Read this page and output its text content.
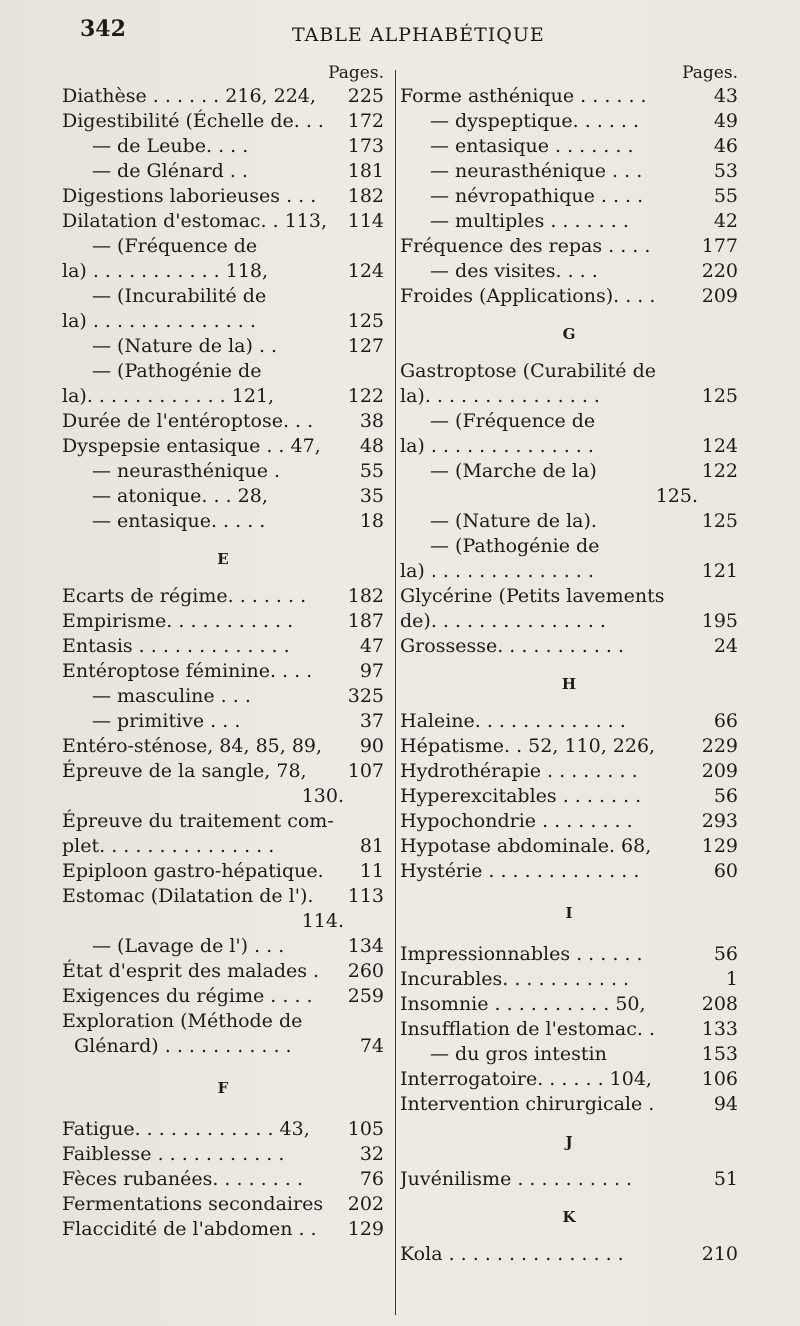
342	TABLE ALPHABÉTIQUE
Pages.
Diathèse . . . . . . 216, 224,	225
Digestibilité (Échelle de. . .	172
— de Leube. . . .	173
— de Glénard . .	181
Digestions laborieuses . . .	182
Dilatation d'estomac. . 113,	114
— (Fréquence de
la) . . . . . . . . . . . 118,	124
— (Incurabilité de
la) . . . . . . . . . . . . . .	125
— (Nature de la) . .	127
— (Pathogénie de
la). . . . . . . . . . . . 121,	122
Durée de l'entéroptose. . .	38
Dyspepsie entasique . . 47,	48
— neurasthénique .	55
— atonique. . . 28,	35
— entasique. . . . .	18
E
Ecarts de régime. . . . . . .	182
Empirisme. . . . . . . . . . .	187
Entasis . . . . . . . . . . . . .	47
Entéroptose féminine. . . .	97
— masculine . . .	325
— primitive . . .	37
Entéro-sténose, 84, 85, 89,	90
Épreuve de la sangle, 78,	107
130.
Épreuve du traitement com-
plet. . . . . . . . . . . . . . .	81
Epiploon gastro-hépatique.	11
Estomac (Dilatation de l').	113
114.
— (Lavage de l') . . .	134
État d'esprit des malades .	260
Exigences du régime . . . .	259
Exploration (Méthode de
Glénard) . . . . . . . . . . .	74
F
Fatigue. . . . . . . . . . . . 43,	105
Faiblesse . . . . . . . . . . .	32
Fèces rubanées. . . . . . . .	76
Fermentations secondaires	202
Flaccidité de l'abdomen . .	129
Pages.
Forme asthénique . . . . . .	43
— dyspeptique. . . . . .	49
— entasique . . . . . . .	46
— neurasthénique . . .	53
— névropathique . . . .	55
— multiples . . . . . . .	42
Fréquence des repas . . . .	177
— des visites. . . .	220
Froides (Applications). . . .	209
G
Gastroptose (Curabilité de
la). . . . . . . . . . . . . . .	125
— (Fréquence de
la) . . . . . . . . . . . . . .	124
— (Marche de la)	122
125.
— (Nature de la).	125
— (Pathogénie de
la) . . . . . . . . . . . . . .	121
Glycérine (Petits lavements
de). . . . . . . . . . . . . . .	195
Grossesse. . . . . . . . . . .	24
H
Haleine. . . . . . . . . . . . .	66
Hépatisme. . 52, 110, 226,	229
Hydrothérapie . . . . . . . .	209
Hyperexcitables . . . . . . .	56
Hypochondrie . . . . . . . .	293
Hypotase abdominale. 68,	129
Hystérie . . . . . . . . . . . . .	60
I
Impressionnables . . . . . .	56
Incurables. . . . . . . . . . .	1
Insomnie . . . . . . . . . . 50,	208
Insufflation de l'estomac. .	133
— du gros intestin	153
Interrogatoire. . . . . . 104,	106
Intervention chirurgicale .	94
J
Juvénilisme . . . . . . . . . .	51
K
Kola . . . . . . . . . . . . . . .	210
